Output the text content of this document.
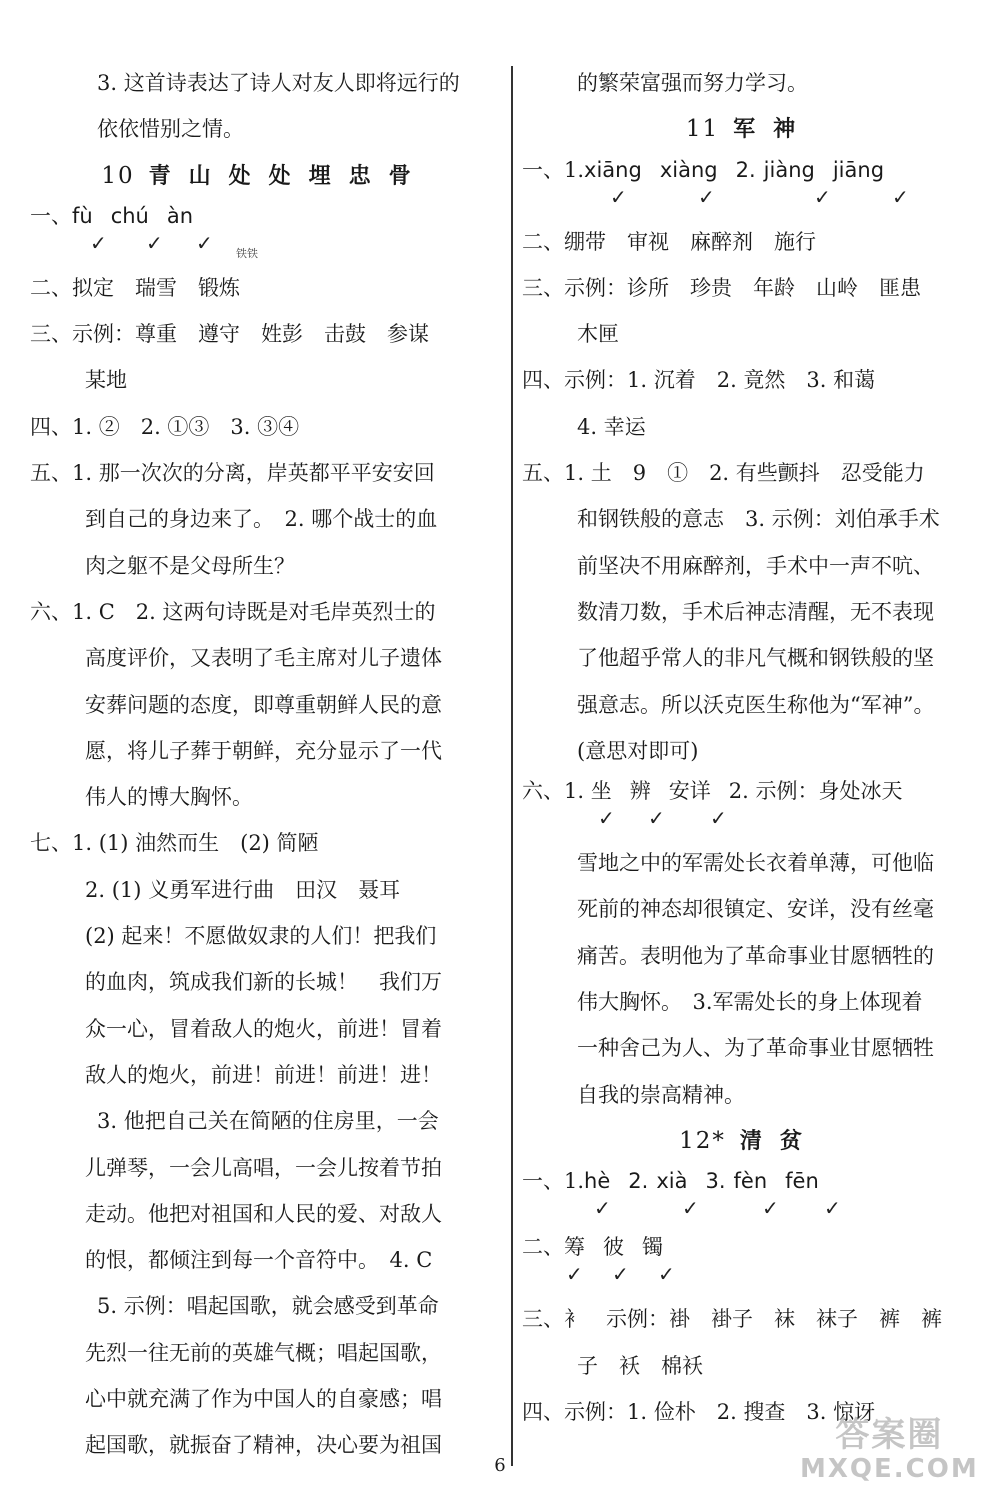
3. 这首诗表达了诗人对友人即将远行的
依依惜别之情。
10 青山处处埋忠骨
铁铁
一、fù chú àn
✓ ✓ ✓
二、拟定　瑞雪　锻炼
三、示例：尊重　遵守　姓彭　击鼓　参谋
某地
四、1. ②　2. ①③　3. ③④
五、1. 那一次次的分离，岸英都平平安安回
到自己的身边来了。　2. 哪个战士的血
肉之躯不是父母所生？
六、1. C　2. 这两句诗既是对毛岸英烈士的
高度评价，又表明了毛主席对儿子遗体
安葬问题的态度，即尊重朝鲜人民的意
愿，将儿子葬于朝鲜，充分显示了一代
伟人的博大胸怀。
七、1. (1) 油然而生　(2) 简陋
2. (1) 义勇军进行曲　田汉　聂耳
(2) 起来！不愿做奴隶的人们！把我们
的血肉，筑成我们新的长城！　我们万
众一心，冒着敌人的炮火，前进！冒着
敌人的炮火，前进！前进！前进！进！
3. 他把自己关在简陋的住房里，一会
儿弹琴，一会儿高唱，一会儿按着节拍
走动。他把对祖国和人民的爱、对敌人
的恨，都倾注到每一个音符中。　4. C
5. 示例：唱起国歌，就会感受到革命
先烈一往无前的英雄气概；唱起国歌，
心中就充满了作为中国人的自豪感；唱
起国歌，就振奋了精神，决心要为祖国
的繁荣富强而努力学习。
11 军神
一、1.xiāng xiàng 2. jiàng jiāng
✓	✓	✓	✓
二、绷带　审视　麻醉剂　施行
三、示例：诊所　珍贵　年龄　山岭　匪患
木匣
四、示例：1. 沉着　2. 竟然　3. 和蔼
4. 幸运
五、1. 土　9　①　2. 有些颤抖　忍受能力
和钢铁般的意志　3. 示例：刘伯承手术
前坚决不用麻醉剂，手术中一声不吭、
数清刀数，手术后神志清醒，无不表现
了他超乎常人的非凡气概和钢铁般的坚
强意志。所以沃克医生称他为“军神”。
(意思对即可)
六、1. 坐 辨 安详 2. 示例：身处冰天
✓ ✓ ✓
雪地之中的军需处长衣着单薄，可他临
死前的神态却很镇定、安详，没有丝毫
痛苦。表明他为了革命事业甘愿牺牲的
伟大胸怀。　3.军需处长的身上体现着
一种舍己为人、为了革命事业甘愿牺牲
自我的崇高精神。
12* 清贫
一、1.hè 2. xià 3. fèn fēn
✓	✓	✓ ✓
二、筹 彼 镯
✓ ✓ ✓
三、衤　示例：褂　褂子　袜　袜子　裤　裤
子　袄　棉袄
四、示例：1. 俭朴　2. 搜查　3. 惊讶
6
答案圈
MXQE.COM
